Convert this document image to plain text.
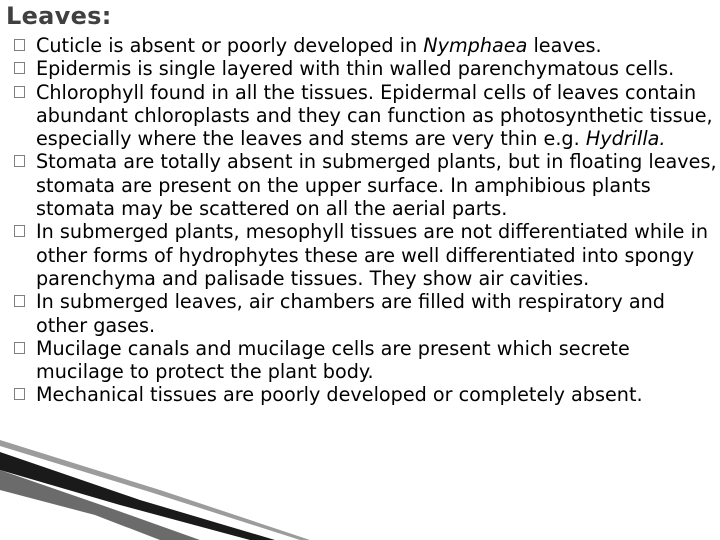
Leaves:

Cuticle is absent or poorly developed in Nymphaea leaves.

Epidermis is single layered with thin walled parenchymatous cells.

Chlorophyll found in all the tissues. Epidermal cells of leaves contain abundant chloroplasts and they can function as photosynthetic tissue, especially where the leaves and stems are very thin e.g. Hydrilla.

Stomata are totally absent in submerged plants, but in floating leaves, stomata are present on the upper surface. In amphibious plants stomata may be scattered on all the aerial parts.

In submerged plants, mesophyll tissues are not differentiated while in other forms of hydrophytes these are well differentiated into spongy parenchyma and palisade tissues. They show air cavities.

In submerged leaves, air chambers are filled with respiratory and other gases.

Mucilage canals and mucilage cells are present which secrete mucilage to protect the plant body.

Mechanical tissues are poorly developed or completely absent.
